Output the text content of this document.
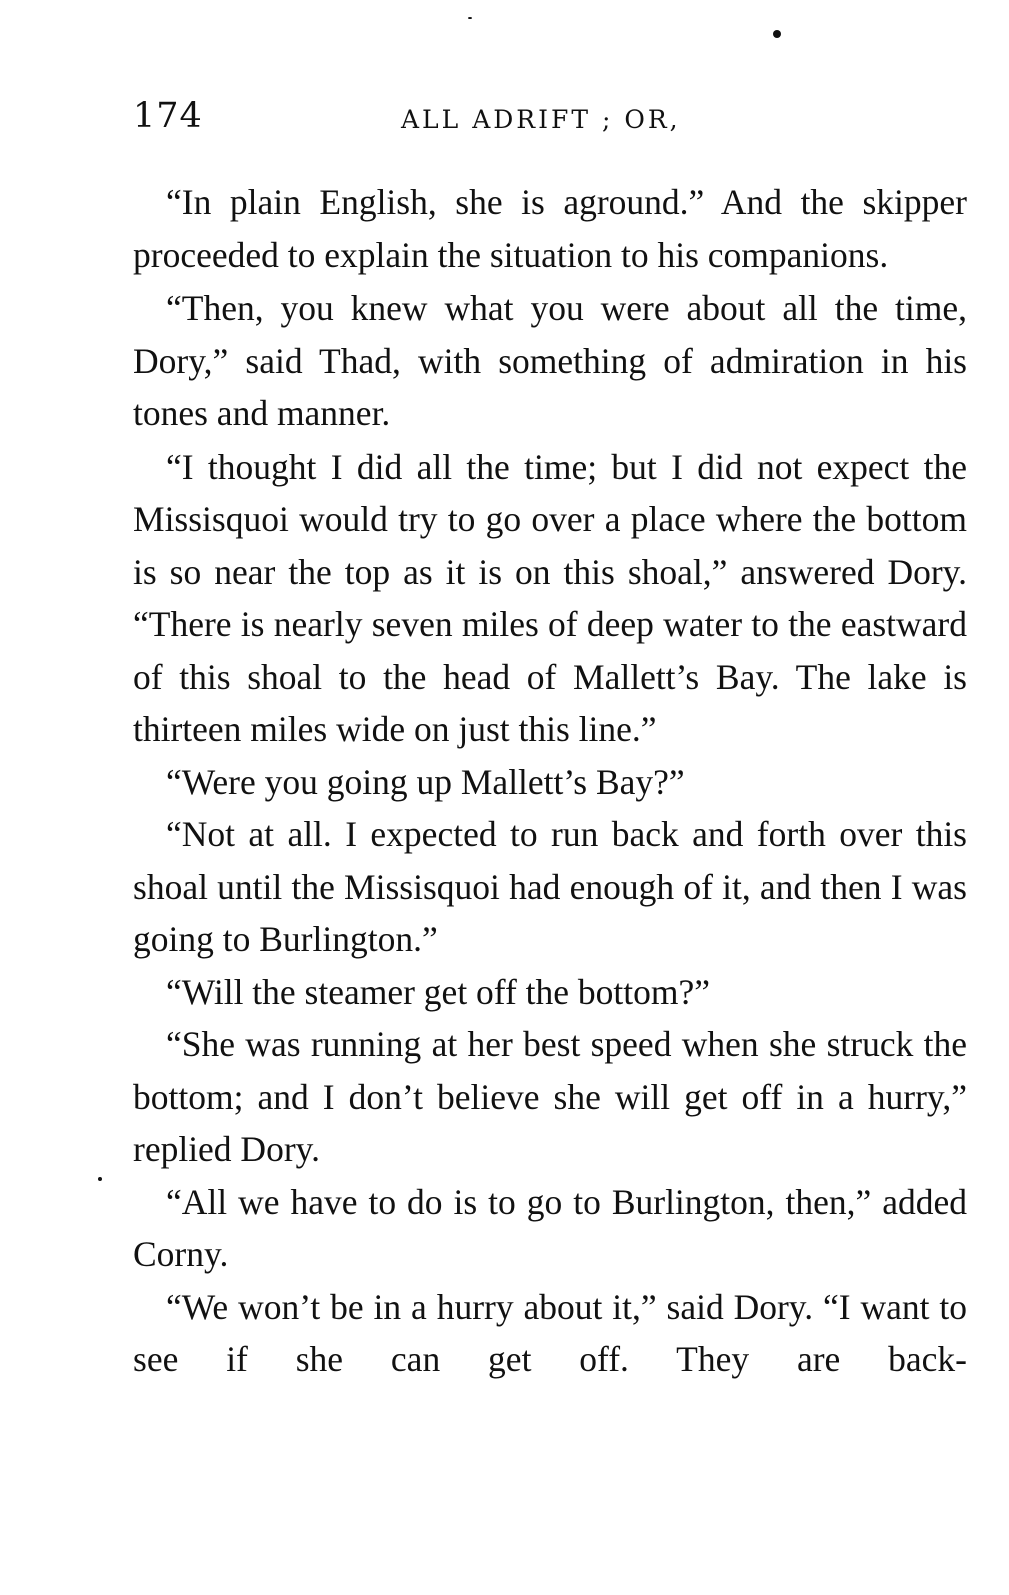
174	ALL ADRIFT ; OR,

“In plain English, she is aground.” And the skipper proceeded to explain the situation to his companions.

“Then, you knew what you were about all the time, Dory,” said Thad, with something of admiration in his tones and manner.

“I thought I did all the time; but I did not expect the Missisquoi would try to go over a place where the bottom is so near the top as it is on this shoal,” answered Dory. “There is nearly seven miles of deep water to the eastward of this shoal to the head of Mallett’s Bay. The lake is thirteen miles wide on just this line.”

“Were you going up Mallett’s Bay?”

“Not at all. I expected to run back and forth over this shoal until the Missisquoi had enough of it, and then I was going to Burlington.”

“Will the steamer get off the bottom?”

“She was running at her best speed when she struck the bottom; and I don’t believe she will get off in a hurry,” replied Dory.

“All we have to do is to go to Burlington, then,” added Corny.

“We won’t be in a hurry about it,” said Dory. “I want to see if she can get off. They are back-
